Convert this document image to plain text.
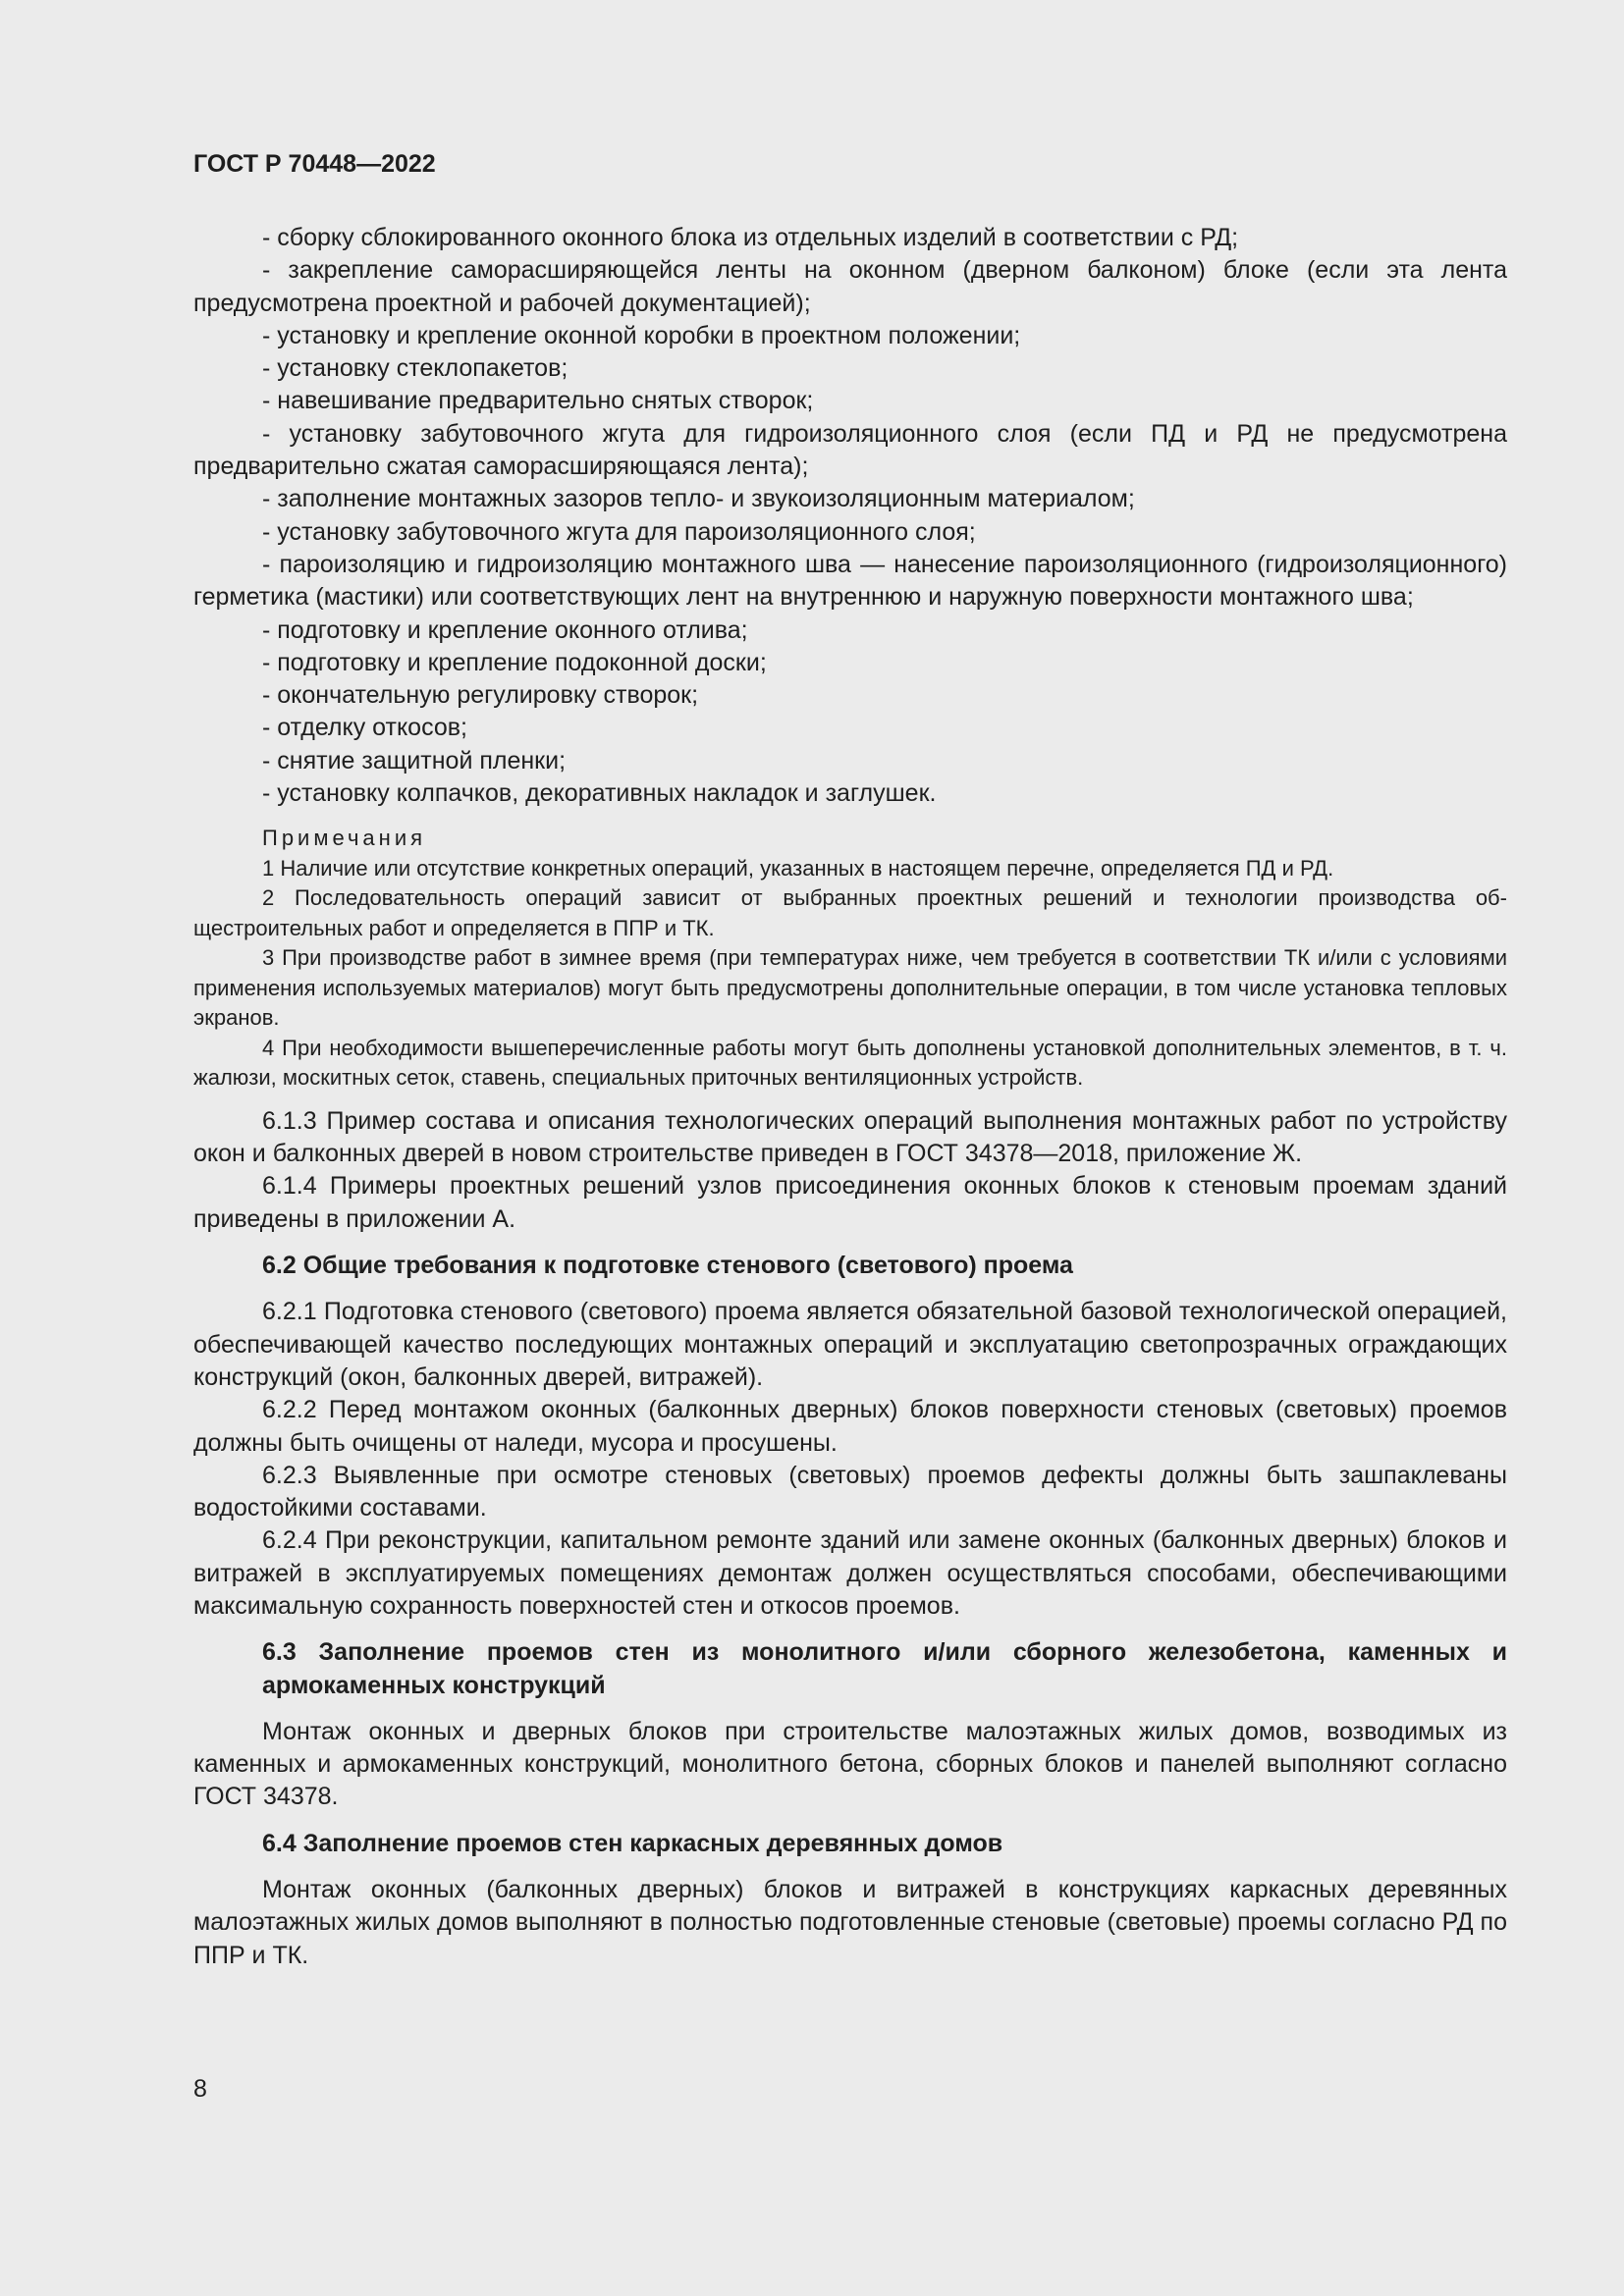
ГОСТ Р 70448—2022

- сборку сблокированного оконного блока из отдельных изделий в соответствии с РД;

- закрепление саморасширяющейся ленты на оконном (дверном балконом) блоке (если эта лента предусмотрена проектной и рабочей документацией);

- установку и крепление оконной коробки в проектном положении;

- установку стеклопакетов;

- навешивание предварительно снятых створок;

- установку забутовочного жгута для гидроизоляционного слоя (если ПД и РД не предусмотрена предварительно сжатая саморасширяющаяся лента);

- заполнение монтажных зазоров тепло- и звукоизоляционным материалом;

- установку забутовочного жгута для пароизоляционного слоя;

- пароизоляцию и гидроизоляцию монтажного шва — нанесение пароизоляционного (гидроизоляционного) герметика (мастики) или соответствующих лент на внутреннюю и наружную поверхности монтажного шва;

- подготовку и крепление оконного отлива;

- подготовку и крепление подоконной доски;

- окончательную регулировку створок;

- отделку откосов;

- снятие защитной пленки;

- установку колпачков, декоративных накладок и заглушек.

Примечания

1 Наличие или отсутствие конкретных операций, указанных в настоящем перечне, определяется ПД и РД.

2 Последовательность операций зависит от выбранных проектных решений и технологии производства общестроительных работ и определяется в ППР и ТК.

3 При производстве работ в зимнее время (при температурах ниже, чем требуется в соответствии ТК и/или с условиями применения используемых материалов) могут быть предусмотрены дополнительные операции, в том числе установка тепловых экранов.

4 При необходимости вышеперечисленные работы могут быть дополнены установкой дополнительных элементов, в т. ч. жалюзи, москитных сеток, ставень, специальных приточных вентиляционных устройств.

6.1.3 Пример состава и описания технологических операций выполнения монтажных работ по устройству окон и балконных дверей в новом строительстве приведен в ГОСТ 34378—2018, приложение Ж.

6.1.4 Примеры проектных решений узлов присоединения оконных блоков к стеновым проемам зданий приведены в приложении А.

6.2 Общие требования к подготовке стенового (светового) проема

6.2.1 Подготовка стенового (светового) проема является обязательной базовой технологической операцией, обеспечивающей качество последующих монтажных операций и эксплуатацию светопрозрачных ограждающих конструкций (окон, балконных дверей, витражей).

6.2.2 Перед монтажом оконных (балконных дверных) блоков поверхности стеновых (световых) проемов должны быть очищены от наледи, мусора и просушены.

6.2.3 Выявленные при осмотре стеновых (световых) проемов дефекты должны быть зашпаклеваны водостойкими составами.

6.2.4 При реконструкции, капитальном ремонте зданий или замене оконных (балконных дверных) блоков и витражей в эксплуатируемых помещениях демонтаж должен осуществляться способами, обеспечивающими максимальную сохранность поверхностей стен и откосов проемов.

6.3 Заполнение проемов стен из монолитного и/или сборного железобетона, каменных и армокаменных конструкций

Монтаж оконных и дверных блоков при строительстве малоэтажных жилых домов, возводимых из каменных и армокаменных конструкций, монолитного бетона, сборных блоков и панелей выполняют согласно ГОСТ 34378.

6.4 Заполнение проемов стен каркасных деревянных домов

Монтаж оконных (балконных дверных) блоков и витражей в конструкциях каркасных деревянных малоэтажных жилых домов выполняют в полностью подготовленные стеновые (световые) проемы согласно РД по ППР и ТК.

8
